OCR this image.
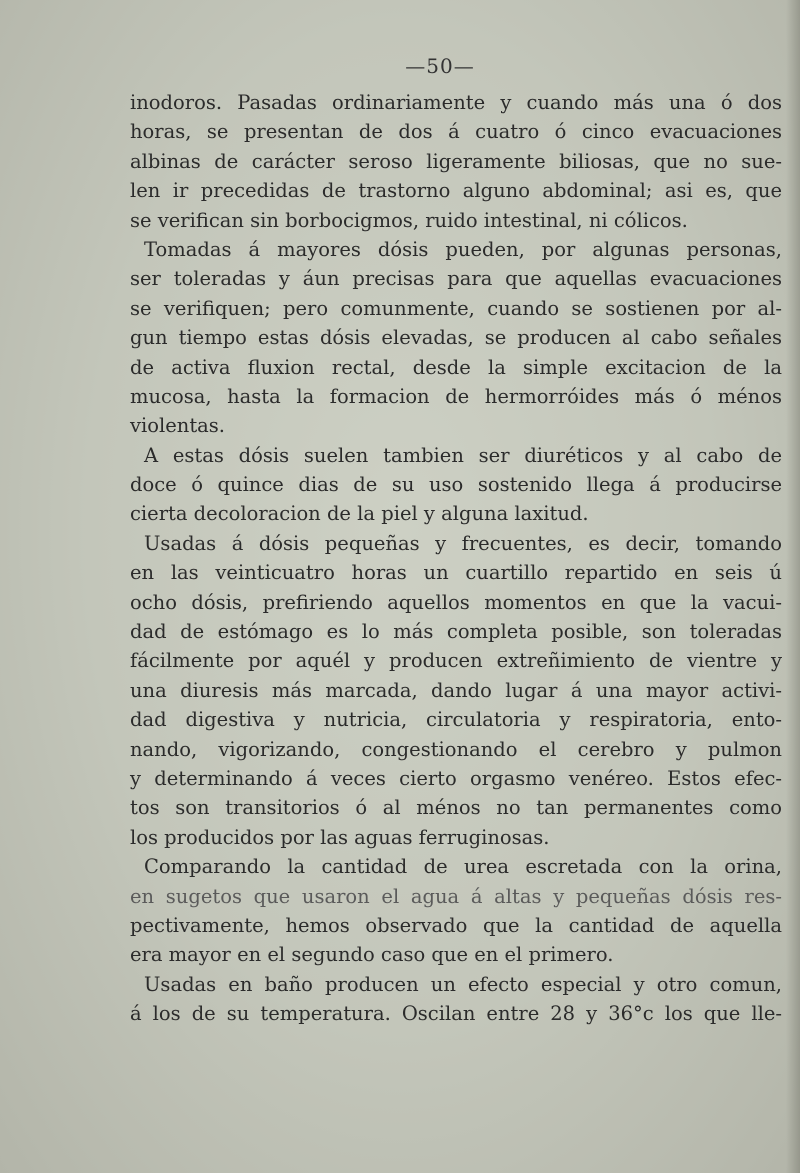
—50—
inodoros. Pasadas ordinariamente y cuando más una ó dos
horas, se presentan de dos á cuatro ó cinco evacuaciones
albinas de carácter seroso ligeramente biliosas, que no sue-
len ir precedidas de trastorno alguno abdominal; asi es, que
se verifican sin borbocigmos, ruido intestinal, ni cólicos.
Tomadas á mayores dósis pueden, por algunas personas,
ser toleradas y áun precisas para que aquellas evacuaciones
se verifiquen; pero comunmente, cuando se sostienen por al-
gun tiempo estas dósis elevadas, se producen al cabo señales
de activa fluxion rectal, desde la simple excitacion de la
mucosa, hasta la formacion de hermorróides más ó ménos
violentas.
A estas dósis suelen tambien ser diuréticos y al cabo de
doce ó quince dias de su uso sostenido llega á producirse
cierta decoloracion de la piel y alguna laxitud.
Usadas á dósis pequeñas y frecuentes, es decir, tomando
en las veinticuatro horas un cuartillo repartido en seis ú
ocho dósis, prefiriendo aquellos momentos en que la vacui-
dad de estómago es lo más completa posible, son toleradas
fácilmente por aquél y producen extreñimiento de vientre y
una diuresis más marcada, dando lugar á una mayor activi-
dad digestiva y nutricia, circulatoria y respiratoria, ento-
nando, vigorizando, congestionando el cerebro y pulmon
y determinando á veces cierto orgasmo venéreo. Estos efec-
tos son transitorios ó al ménos no tan permanentes como
los producidos por las aguas ferruginosas.
Comparando la cantidad de urea escretada con la orina,
en sugetos que usaron el agua á altas y pequeñas dósis res-
pectivamente, hemos observado que la cantidad de aquella
era mayor en el segundo caso que en el primero.
Usadas en baño producen un efecto especial y otro comun,
á los de su temperatura. Oscilan entre 28 y 36°c los que lle-
